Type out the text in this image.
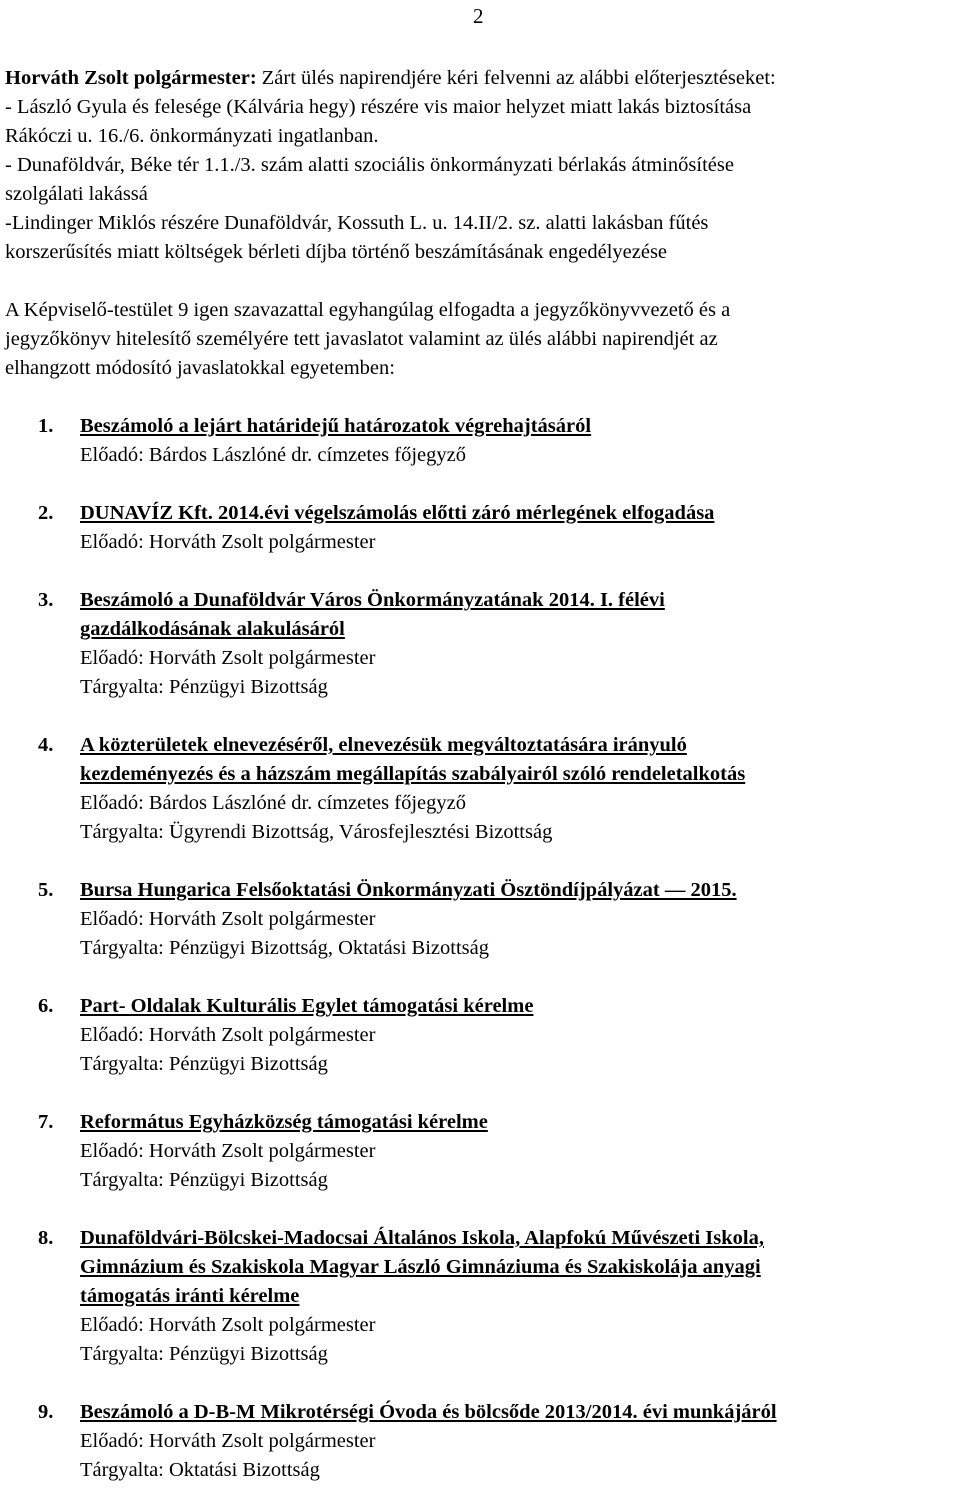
2
Horváth Zsolt polgármester: Zárt ülés napirendjére kéri felvenni az alábbi előterjesztéseket:
- László Gyula és felesége (Kálvária hegy) részére vis maior helyzet miatt lakás biztosítása
Rákóczi u. 16./6. önkormányzati ingatlanban.
- Dunaföldvár, Béke tér 1.1./3. szám alatti szociális önkormányzati bérlakás átminősítése
szolgálati lakássá
-Lindinger Miklós részére Dunaföldvár, Kossuth L. u. 14.II/2. sz. alatti lakásban fűtés
korszerűsítés miatt költségek bérleti díjba történő beszámításának engedélyezése
A Képviselő-testület 9 igen szavazattal egyhangúlag elfogadta a jegyzőkönyvvezető és a
jegyzőkönyv hitelesítő személyére tett javaslatot valamint az ülés alábbi napirendjét az
elhangzott módosító javaslatokkal egyetemben:
1. Beszámoló a lejárt határidejű határozatok végrehajtásáról
Előadó: Bárdos Lászlóné dr. címzetes főjegyző
2. DUNAVÍZ Kft. 2014.évi végelszámolás előtti záró mérlegének elfogadása
Előadó: Horváth Zsolt polgármester
3. Beszámoló a Dunaföldvár Város Önkormányzatának 2014. I. félévi
gazdálkodásának alakulásáról
Előadó: Horváth Zsolt polgármester
Tárgyalta: Pénzügyi Bizottság
4. A közterületek elnevezéséről, elnevezésük megváltoztatására irányuló
kezdeményezés és a házszám megállapítás szabályairól szóló rendeletalkotás
Előadó: Bárdos Lászlóné dr. címzetes főjegyző
Tárgyalta: Ügyrendi Bizottság, Városfejlesztési Bizottság
5. Bursa Hungarica Felsőoktatási Önkormányzati Ösztöndíjpályázat — 2015.
Előadó: Horváth Zsolt polgármester
Tárgyalta: Pénzügyi Bizottság, Oktatási Bizottság
6. Part- Oldalak Kulturális Egylet támogatási kérelme
Előadó: Horváth Zsolt polgármester
Tárgyalta: Pénzügyi Bizottság
7. Református Egyházközség támogatási kérelme
Előadó: Horváth Zsolt polgármester
Tárgyalta: Pénzügyi Bizottság
8. Dunaföldvári-Bölcskei-Madocsai Általános Iskola, Alapfokú Művészeti Iskola,
Gimnázium és Szakiskola Magyar László Gimnáziuma és Szakiskolája anyagi
támogatás iránti kérelme
Előadó: Horváth Zsolt polgármester
Tárgyalta: Pénzügyi Bizottság
9. Beszámoló a D-B-M Mikrotérségi Óvoda és bölcsőde 2013/2014. évi munkájáról
Előadó: Horváth Zsolt polgármester
Tárgyalta: Oktatási Bizottság
